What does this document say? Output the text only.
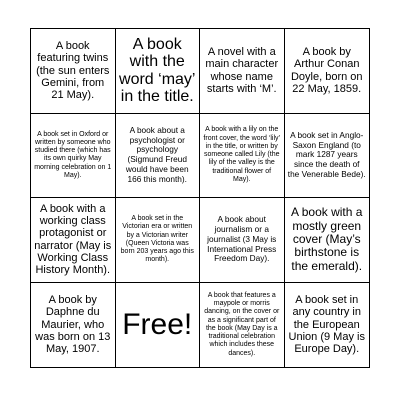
A book featuring twins (the sun enters Gemini, from 21 May).
A book with the word ‘may’ in the title.
A novel with a main character whose name starts with ‘M’.
A book by Arthur Conan Doyle, born on 22 May, 1859.
A book set in Oxford or written by someone who studied there (which has its own quirky May morning celebration on 1 May).
A book about a psychologist or psychology (Sigmund Freud would have been 166 this month).
A book with a lily on the front cover, the word ‘lily’ in the title, or written by someone called Lily (the lily of the valley is the traditional flower of May).
A book set in Anglo-Saxon England (to mark 1287 years since the death of the Venerable Bede).
A book with a working class protagonist or narrator (May is Working Class History Month).
A book set in the Victorian era or written by a Victorian writer (Queen Victoria was born 203 years ago this month).
A book about journalism or a journalist (3 May is International Press Freedom Day).
A book with a mostly green cover (May’s birthstone is the emerald).
A book by Daphne du Maurier, who was born on 13 May, 1907.
Free!
A book that features a maypole or morris dancing, on the cover or as a significant part of the book (May Day is a traditional celebration which includes these dances).
A book set in any country in the European Union (9 May is Europe Day).
